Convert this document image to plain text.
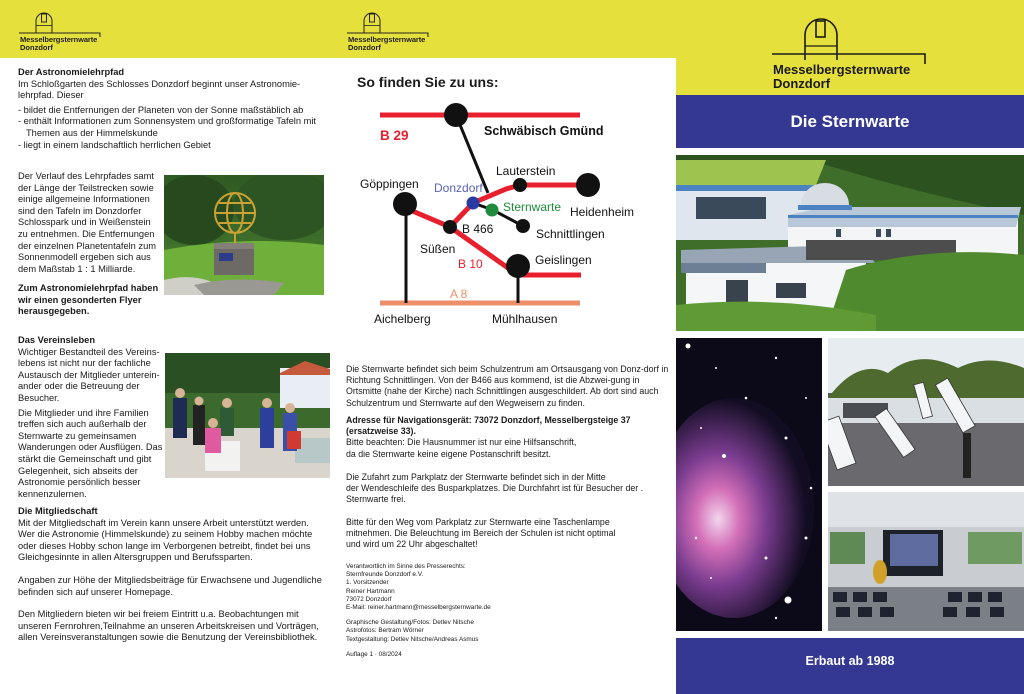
Messelbergsternwarte
Donzdorf
Der Astronomielehrpfad
Im Schloßgarten des Schlosses Donzdorf beginnt unser Astronomie-lehrpfad. Dieser
- bildet die Entfernungen der Planeten von der Sonne maßstäblich ab
- enthält Informationen zum Sonnensystem und großformatige Tafeln mit Themen aus der Himmelskunde
- liegt in einem landschaftlich herrlichen Gebiet
Der Verlauf des Lehrpfades samt der Länge der Teilstrecken sowie einige allgemeine Informationen sind den Tafeln im Donzdorfer Schlosspark und in Weißenstein zu entnehmen. Die Entfernungen der einzelnen Planetentafeln zum Sonnenmodell ergeben sich aus dem Maßstab 1 : 1 Milliarde.
Zum Astronomielehrpfad haben wir einen gesonderten Flyer herausgegeben.
Das Vereinsleben
Wichtiger Bestandteil des Vereins-lebens ist nicht nur der fachliche Austausch der Mitglieder unterein-ander oder die Betreuung der Besucher.
Die Mitglieder und ihre Familien treffen sich auch außerhalb der Sternwarte zu gemeinsamen Wanderungen oder Ausflügen. Das stärkt die Gemeinschaft und gibt Gelegenheit, sich abseits der Astronomie persönlich besser kennenzulernen.
Die Mitgliedschaft
Mit der Mitgliedschaft im Verein kann unsere Arbeit unterstützt werden. Wer die Astronomie (Himmelskunde) zu seinem Hobby machen möchte oder dieses Hobby schon lange im Verborgenen betreibt, findet bei uns Gleichgesinnte in allen Altersgruppen und Berufssparten.
Angaben zur Höhe der Mitgliedsbeiträge für Erwachsene und Jugendliche befinden sich auf unserer Homepage.
Den Mitgliedern bieten wir bei freiem Eintritt u.a. Beobachtungen mit unseren Fernrohren,Teilnahme an unseren Arbeitskreisen und Vorträgen, allen Vereinsveranstaltungen sowie die Benutzung der Vereinsbibliothek.
Messelbergsternwarte
Donzdorf
So finden Sie zu uns:
B 29	Schwäbisch Gmünd
Lauterstein
Göppingen Donzdorf
Sternwarte Heidenheim
B 466	Schnittlingen
Süßen
B 10	Geislingen
A 8
Aichelberg	Mühlhausen
Die Sternwarte befindet sich beim Schulzentrum am Ortsausgang von Donz-dorf in Richtung Schnittlingen. Von der B466 aus kommend, ist die Abzwei-gung in Ortsmitte (nahe der Kirche) nach Schnittlingen ausgeschildert. Ab dort sind auch Schulzentrum und Sternwarte auf den Wegweisern zu finden.
Adresse für Navigationsgerät: 73072 Donzdorf, Messelbergsteige 37 (ersatzweise 33).
Bitte beachten: Die Hausnummer ist nur eine Hilfsanschrift,
da die Sternwarte keine eigene Postanschrift besitzt.
Die Zufahrt zum Parkplatz der Sternwarte befindet sich in der Mitte
der Wendeschleife des Busparkplatzes. Die Durchfahrt ist für Besucher der .
Sternwarte frei.
Bitte für den Weg vom Parkplatz zur Sternwarte eine Taschenlampe
mitnehmen. Die Beleuchtung im Bereich der Schulen ist nicht optimal
und wird um 22 Uhr abgeschaltet!
Verantwortlich im Sinne des Presserechts:
Sternfreunde Donzdorf e.V.
1. Vorsitzender
Reiner Hartmann
73072 Donzdorf
E-Mail: reiner.hartmann@messelbergsternwarte.de
Graphische Gestaltung/Fotos: Detlev Nitsche
Astrofotos: Bertram Wörner
Textgestaltung: Detlev Nitsche/Andreas Asmus
Auflage 1 · 08/2024
Messelbergsternwarte
Donzdorf
Die Sternwarte
Erbaut ab 1988
